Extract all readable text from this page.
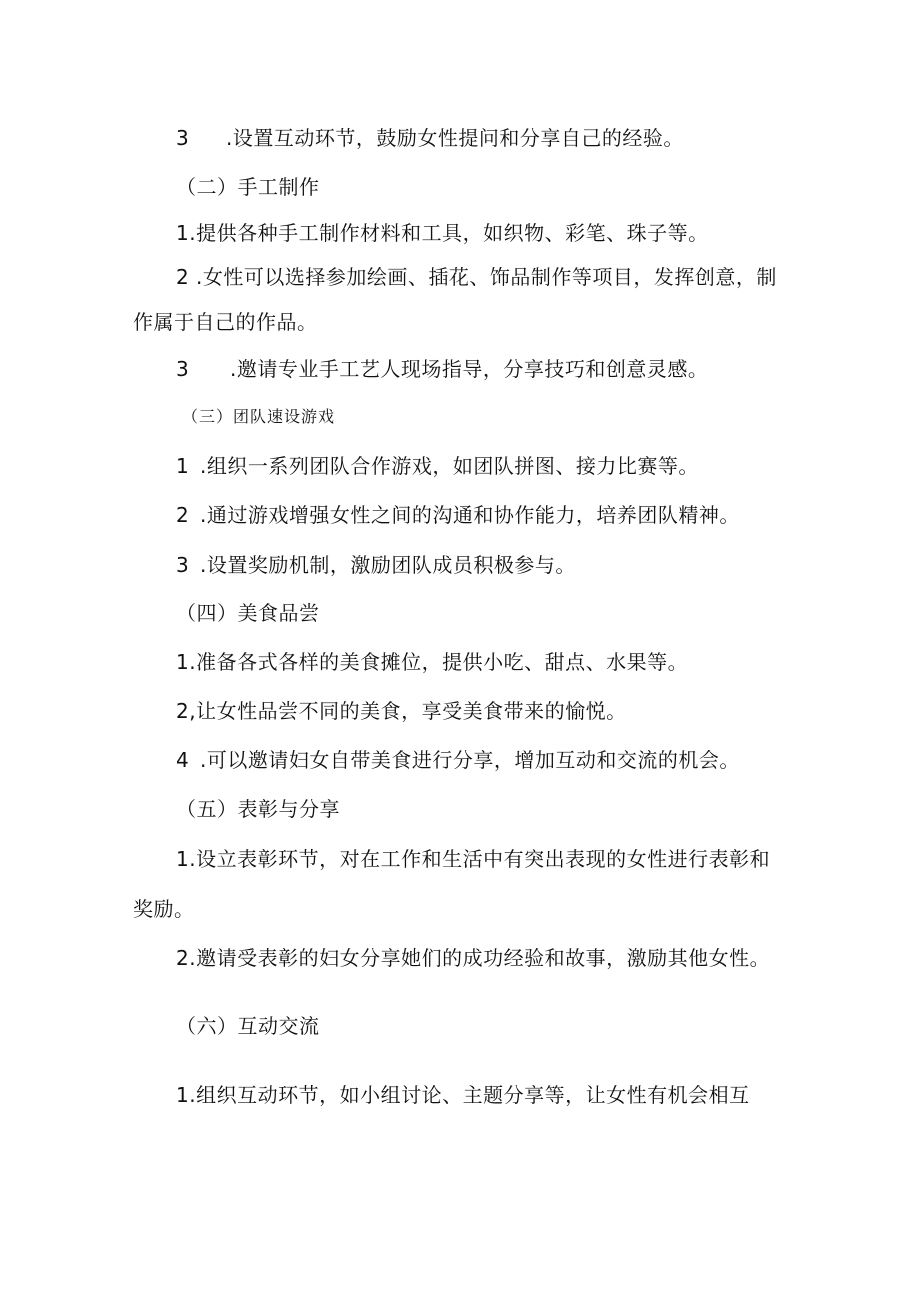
3 .设置互动环节，鼓励女性提问和分享自己的经验。
（二）手工制作
1.提供各种手工制作材料和工具，如织物、彩笔、珠子等。
2 .女性可以选择参加绘画、插花、饰品制作等项目，发挥创意，制
作属于自己的作品。
3 .邀请专业手工艺人现场指导，分享技巧和创意灵感。
（三）团队速设游戏
1 .组织一系列团队合作游戏，如团队拼图、接力比赛等。
2 .通过游戏增强女性之间的沟通和协作能力，培养团队精神。
3 .设置奖励机制，激励团队成员积极参与。
（四）美食品尝
1.准备各式各样的美食摊位，提供小吃、甜点、水果等。
2,让女性品尝不同的美食，享受美食带来的愉悦。
4 .可以邀请妇女自带美食进行分享，增加互动和交流的机会。
（五）表彰与分享
1.设立表彰环节，对在工作和生活中有突出表现的女性进行表彰和
奖励。
2.邀请受表彰的妇女分享她们的成功经验和故事，激励其他女性。
（六）互动交流
1.组织互动环节，如小组讨论、主题分享等，让女性有机会相互
